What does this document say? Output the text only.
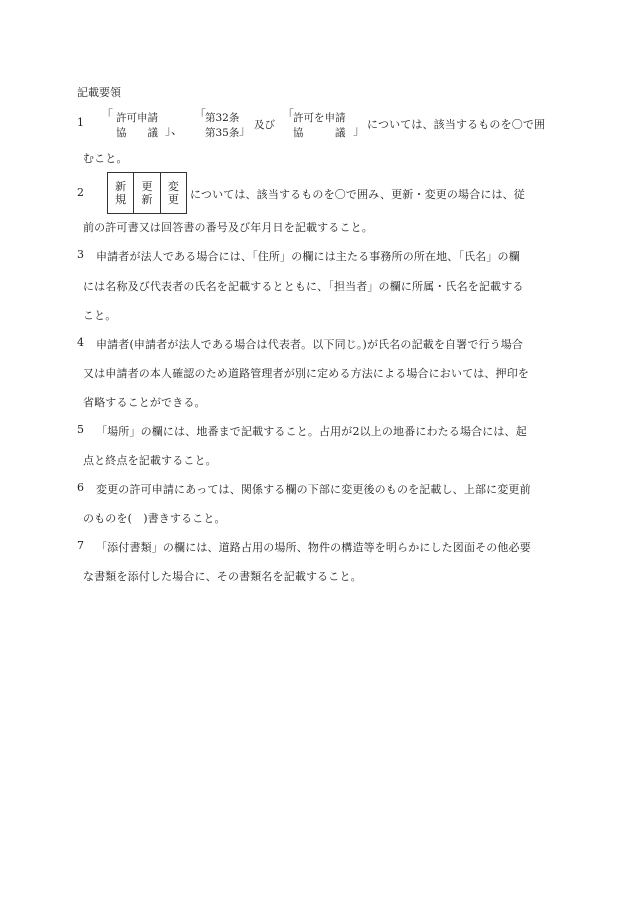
記載要領
1
「 許可申請
協　　議 」、
「
第32条
第35条 」 及び
「
許可を申請
協　　　議 」 については、該当するものを〇で囲
むこと。
2	新
規
更
新
変
更 については、該当するものを〇で囲み、更新・変更の場合には、従
前の許可書又は回答書の番号及び年月日を記載すること。
3 申請者が法人である場合には、「住所」の欄には主たる事務所の所在地、「氏名」の欄
には名称及び代表者の氏名を記載するとともに、「担当者」の欄に所属・氏名を記載する
こと。
4 申請者(申請者が法人である場合は代表者。以下同じ。)が氏名の記載を自署で行う場合
又は申請者の本人確認のため道路管理者が別に定める方法による場合においては、押印を
省略することができる。
5 「場所」の欄には、地番まで記載すること。占用が2以上の地番にわたる場合には、起
点と終点を記載すること。
6 変更の許可申請にあっては、関係する欄の下部に変更後のものを記載し、上部に変更前
のものを(　)書きすること。
7 「添付書類」の欄には、道路占用の場所、物件の構造等を明らかにした図面その他必要
な書類を添付した場合に、その書類名を記載すること。
